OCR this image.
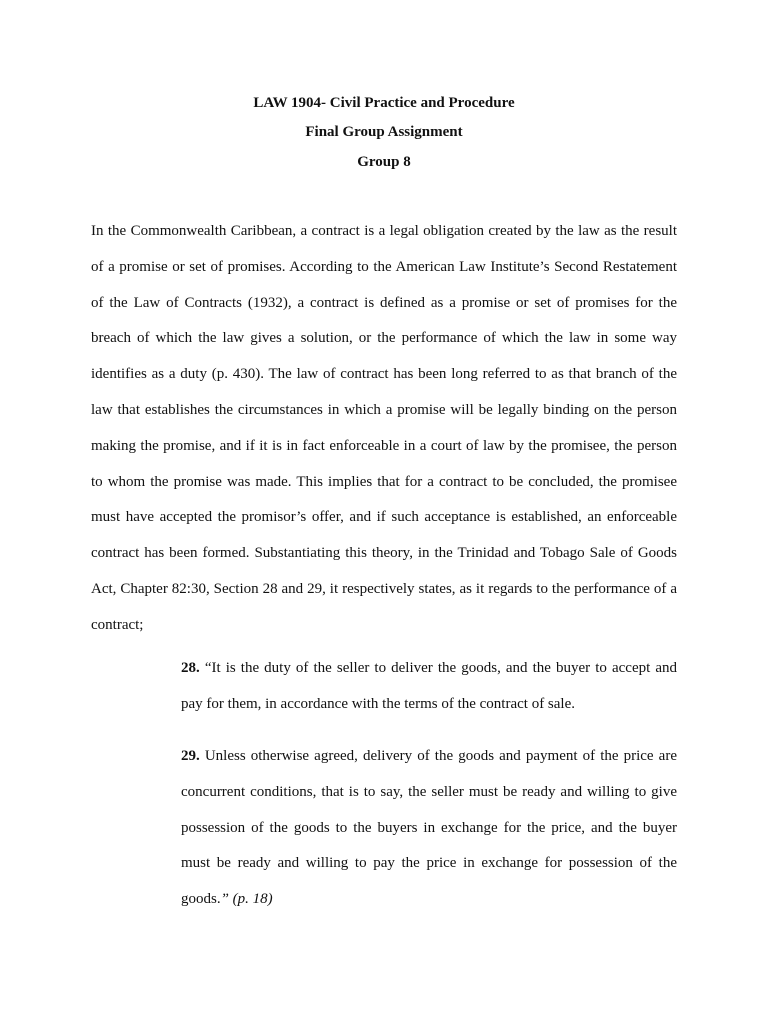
LAW 1904- Civil Practice and Procedure
Final Group Assignment
Group 8

In the Commonwealth Caribbean, a contract is a legal obligation created by the law as the result of a promise or set of promises. According to the American Law Institute’s Second Restatement of the Law of Contracts (1932), a contract is defined as a promise or set of promises for the breach of which the law gives a solution, or the performance of which the law in some way identifies as a duty (p. 430). The law of contract has been long referred to as that branch of the law that establishes the circumstances in which a promise will be legally binding on the person making the promise, and if it is in fact enforceable in a court of law by the promisee, the person to whom the promise was made. This implies that for a contract to be concluded, the promisee must have accepted the promisor’s offer, and if such acceptance is established, an enforceable contract has been formed. Substantiating this theory, in the Trinidad and Tobago Sale of Goods Act, Chapter 82:30, Section 28 and 29, it respectively states, as it regards to the performance of a contract;

28. “It is the duty of the seller to deliver the goods, and the buyer to accept and pay for them, in accordance with the terms of the contract of sale.

29. Unless otherwise agreed, delivery of the goods and payment of the price are concurrent conditions, that is to say, the seller must be ready and willing to give possession of the goods to the buyers in exchange for the price, and the buyer must be ready and willing to pay the price in exchange for possession of the goods.” (p. 18)
